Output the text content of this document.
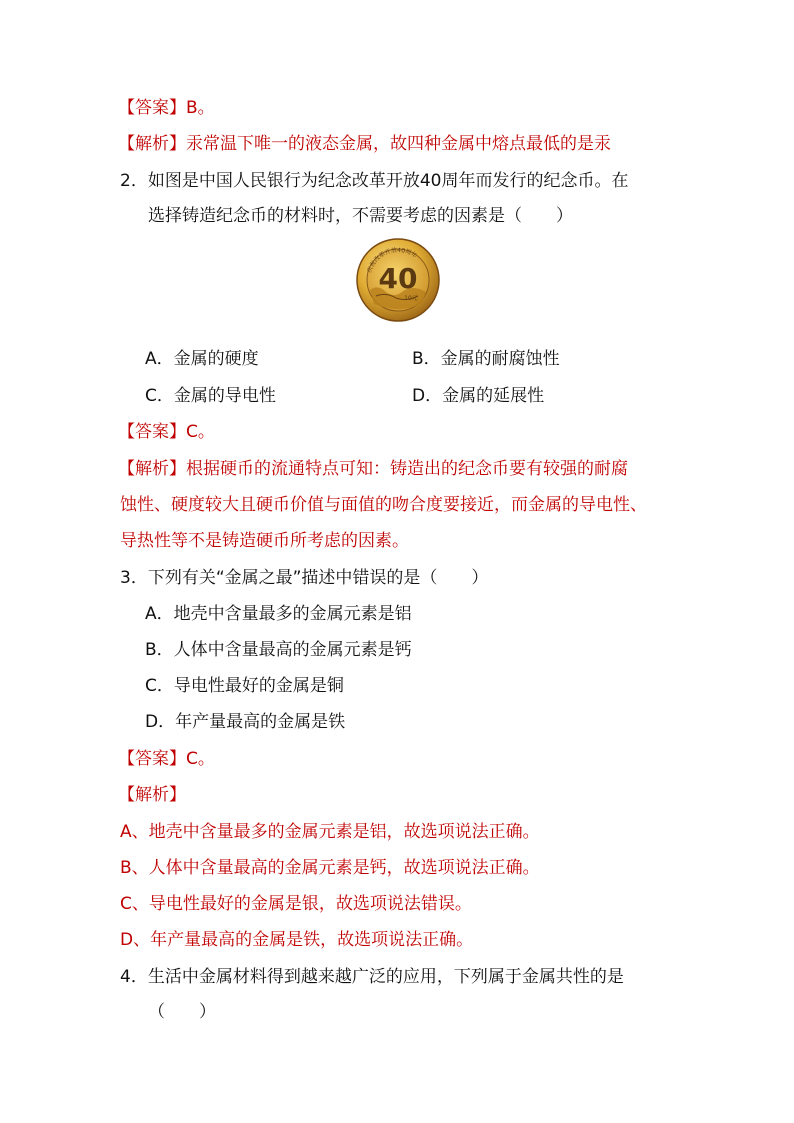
【答案】B。
【解析】汞常温下唯一的液态金属，故四种金属中熔点最低的是汞
2．如图是中国人民银行为纪念改革开放40周年而发行的纪念币。在
选择铸造纪念币的材料时，不需要考虑的因素是（　　）
40
10元
庆祝改革开放40周年
A．金属的硬度	B．金属的耐腐蚀性
C．金属的导电性	D．金属的延展性
【答案】C。
【解析】根据硬币的流通特点可知：铸造出的纪念币要有较强的耐腐
蚀性、硬度较大且硬币价值与面值的吻合度要接近，而金属的导电性、
导热性等不是铸造硬币所考虑的因素。
3．下列有关“金属之最”描述中错误的是（　　）
A．地壳中含量最多的金属元素是铝
B．人体中含量最高的金属元素是钙
C．导电性最好的金属是铜
D．年产量最高的金属是铁
【答案】C。
【解析】
A、地壳中含量最多的金属元素是铝，故选项说法正确。
B、人体中含量最高的金属元素是钙，故选项说法正确。
C、导电性最好的金属是银，故选项说法错误。
D、年产量最高的金属是铁，故选项说法正确。
4．生活中金属材料得到越来越广泛的应用，下列属于金属共性的是
（　　）
